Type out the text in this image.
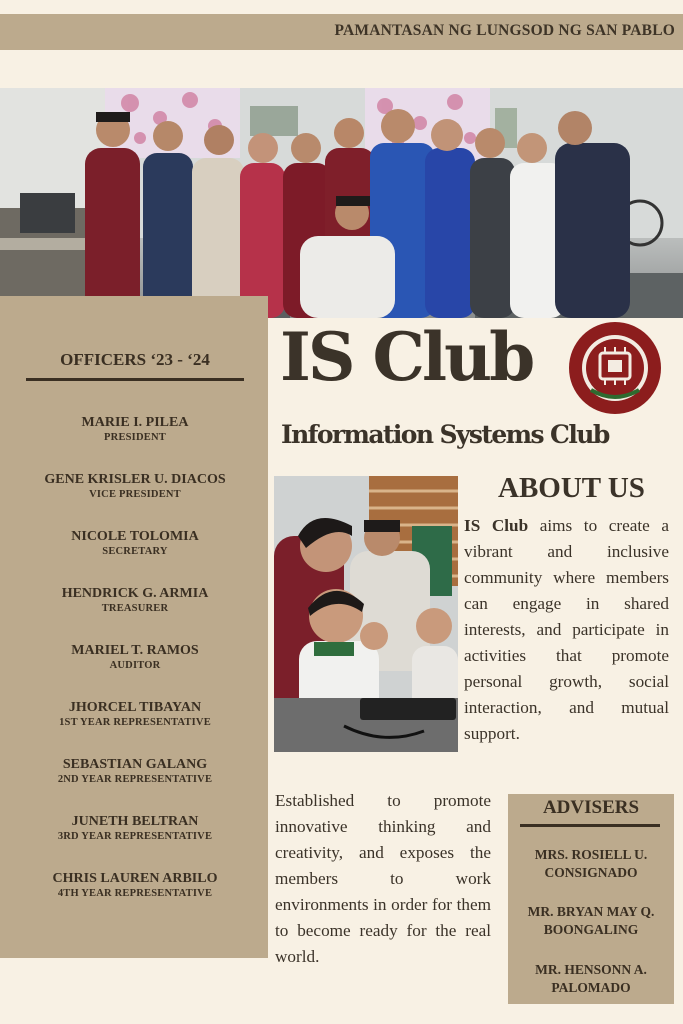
PAMANTASAN NG LUNGSOD NG SAN PABLO
OFFICERS ‘23 - ‘24
MARIE I. PILEA
PRESIDENT
GENE KRISLER U. DIACOS
VICE PRESIDENT
NICOLE TOLOMIA
SECRETARY
HENDRICK G. ARMIA
TREASURER
MARIEL T. RAMOS
AUDITOR
JHORCEL TIBAYAN
1ST YEAR REPRESENTATIVE
SEBASTIAN GALANG
2ND YEAR REPRESENTATIVE
JUNETH BELTRAN
3RD YEAR REPRESENTATIVE
CHRIS LAUREN ARBILO
4TH YEAR REPRESENTATIVE
IS Club
Information Systems Club
ABOUT US
IS Club aims to create a vibrant and inclusive community where members can engage in shared interests, and participate in activities that promote personal growth, social interaction, and mutual support.
Established to promote innovative thinking and creativity, and exposes the members to work environments in order for them to become ready for the real world.
ADVISERS
MRS. ROSIELL U. CONSIGNADO
MR. BRYAN MAY Q. BOONGALING
MR. HENSONN A. PALOMADO
